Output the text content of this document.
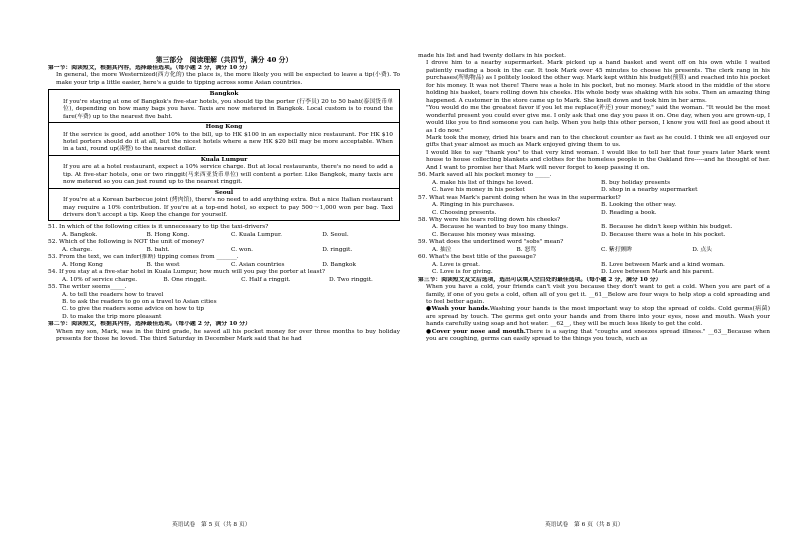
第三部分　阅读理解（共四节，满分 40 分）
第一节：阅读短文，根据其内容，选择最佳选项。（每小题 2 分，满分 10 分）
In general, the more Westernized(西方化的) the place is, the more likely you will be expected to leave a tip(小费). To make your trip a little easier, here's a guide to tipping across some Asian countries.
Bangkok
If you're staying at one of Bangkok's five-star hotels, you should tip the porter (行李员) 20 to 50 baht(泰国货币单位), depending on how many bags you have. Taxis are now metered in Bangkok. Local custom is to round the fare(车费) up to the nearest five baht.
Hong Kong
If the service is good, add another 10% to the bill, up to HK $100 in an especially nice restaurant. For HK $10 hotel porters should do it at all, but the nicest hotels where a new HK $20 bill may be more acceptable. When in a taxi, round up(凑整) to the nearest dollar.
Kuala Lumpur
If you are at a hotel restaurant, expect a 10% service charge. But at local restaurants, there's no need to add a tip. At five-star hotels, one or two ringgit(马来西亚货币单位) will content a porter. Like Bangkok, many taxis are now metered so you can just round up to the nearest ringgit.
Seoul
If you're at a Korean barbecue joint (烤肉馆), there's no need to add anything extra. But a nice Italian restaurant may require a 10% contribution. If you're at a top-end hotel, so expect to pay 500～1,000 won per bag. Taxi drivers don't accept a tip. Keep the change for yourself.
51. In which of the following cities is it unnecessary to tip the taxi-drivers?
A. Bangkok.	B. Hong Kong.	C. Kuala Lumpur.	D. Seoul.
52. Which of the following is NOT the unit of money?
A. charge.	B. baht.	C. won.	D. ringgit.
53. From the text, we can infer(推断) tipping comes from _______.
A. Hong Kong	B. the west	C. Asian countries	D. Bangkok
54. If you stay at a five-star hotel in Kuala Lumpur, how much will you pay the porter at least?
A. 10% of service charge.	B. One ringgit.	C. Half a ringgit.	D. Two ringgit.
55. The writer seems_____.
A. to tell the readers how to travel
B. to ask the readers to go on a travel to Asian cities
C. to give the readers some advice on how to tip
D. to make the trip more pleasant
第二节：阅读短文，根据其内容，选择最佳选项。（每小题 2 分，满分 10 分）
When my son, Mark, was in the third grade, he saved all his pocket money for over three months to buy holiday presents for those he loved. The third Saturday in December Mark said that he had
made his list and had twenty dollars in his pocket.
I drove him to a nearby supermarket. Mark picked up a hand basket and went off on his own while I waited patiently reading a book in the car. It took Mark over 45 minutes to choose his presents. The clerk rang in his purchases(所购物品) as I politely looked the other way. Mark kept within his budget(预算) and reached into his pocket for his money. It was not there! There was a hole in his pocket, but no money. Mark stood in the middle of the store holding his basket, tears rolling down his cheeks. His whole body was shaking with his sobs. Then an amazing thing happened. A customer in the store came up to Mark. She knelt down and took him in her arms.
"You would do me the greatest favor if you let me replace(补还) your money," said the woman. "It would be the most wonderful present you could ever give me. I only ask that one day you pass it on. One day, when you are grown-up, I would like you to find someone you can help. When you help this other person, I know you will feel as good about it as I do now."
Mark took the money, dried his tears and ran to the checkout counter as fast as he could. I think we all enjoyed our gifts that year almost as much as Mark enjoyed giving them to us.
I would like to say "thank you" to that very kind woman. I would like to tell her that four years later Mark went house to house collecting blankets and clothes for the homeless people in the Oakland fire-----and he thought of her. And I want to promise her that Mark will never forget to keep passing it on.
56. Mark saved all his pocket money to _____.
A. make his list of things he loved.	B. buy holiday presents
C. have his money in his pocket	D. shop in a nearby supermarket
57. What was Mark's parent doing when he was in the supermarket?
A. Ringing in his purchases.	B. Looking the other way.
C. Choosing presents.	D. Reading a book.
58. Why were his tears rolling down his cheeks?
A. Because he wanted to buy too many things.	B. Because he didn't keep within his budget.
C. Because his money was missing.	D. Because there was a hole in his pocket.
59. What does the underlined word "sobs" mean?
A. 抽泣	B. 怒骂	C. 紫打颤眸	D. 点头
60. What's the best title of the passage?
A. Love is great.	B. Love between Mark and a kind woman.
C. Love is for giving.	D. Love between Mark and his parent.
第三节：阅读短文及文后选项，选出可以填入空白处的最佳选项。（每小题 2 分，满分 10 分）
When you have a cold, your friends can't visit you because they don't want to get a cold. When you are part of a family, if one of you gets a cold, often all of you get it. __61__Below are four ways to help stop a cold spreading and to feel better again.
●Wash your hands.Washing your hands is the most important way to stop the spread of colds. Cold germs(病菌) are spread by touch. The germs get onto your hands and from there into your eyes, nose and mouth. Wash your hands carefully using soap and hot water. __62__, they will be much less likely to get the cold.
●Cover your nose and mouth.There is a saying that "coughs and sneezes spread illness." __63__Because when you are coughing, germs can easily spread to the things you touch, such as
英语试卷　第 5 页（共 8 页）	英语试卷　第 6 页（共 8 页）
